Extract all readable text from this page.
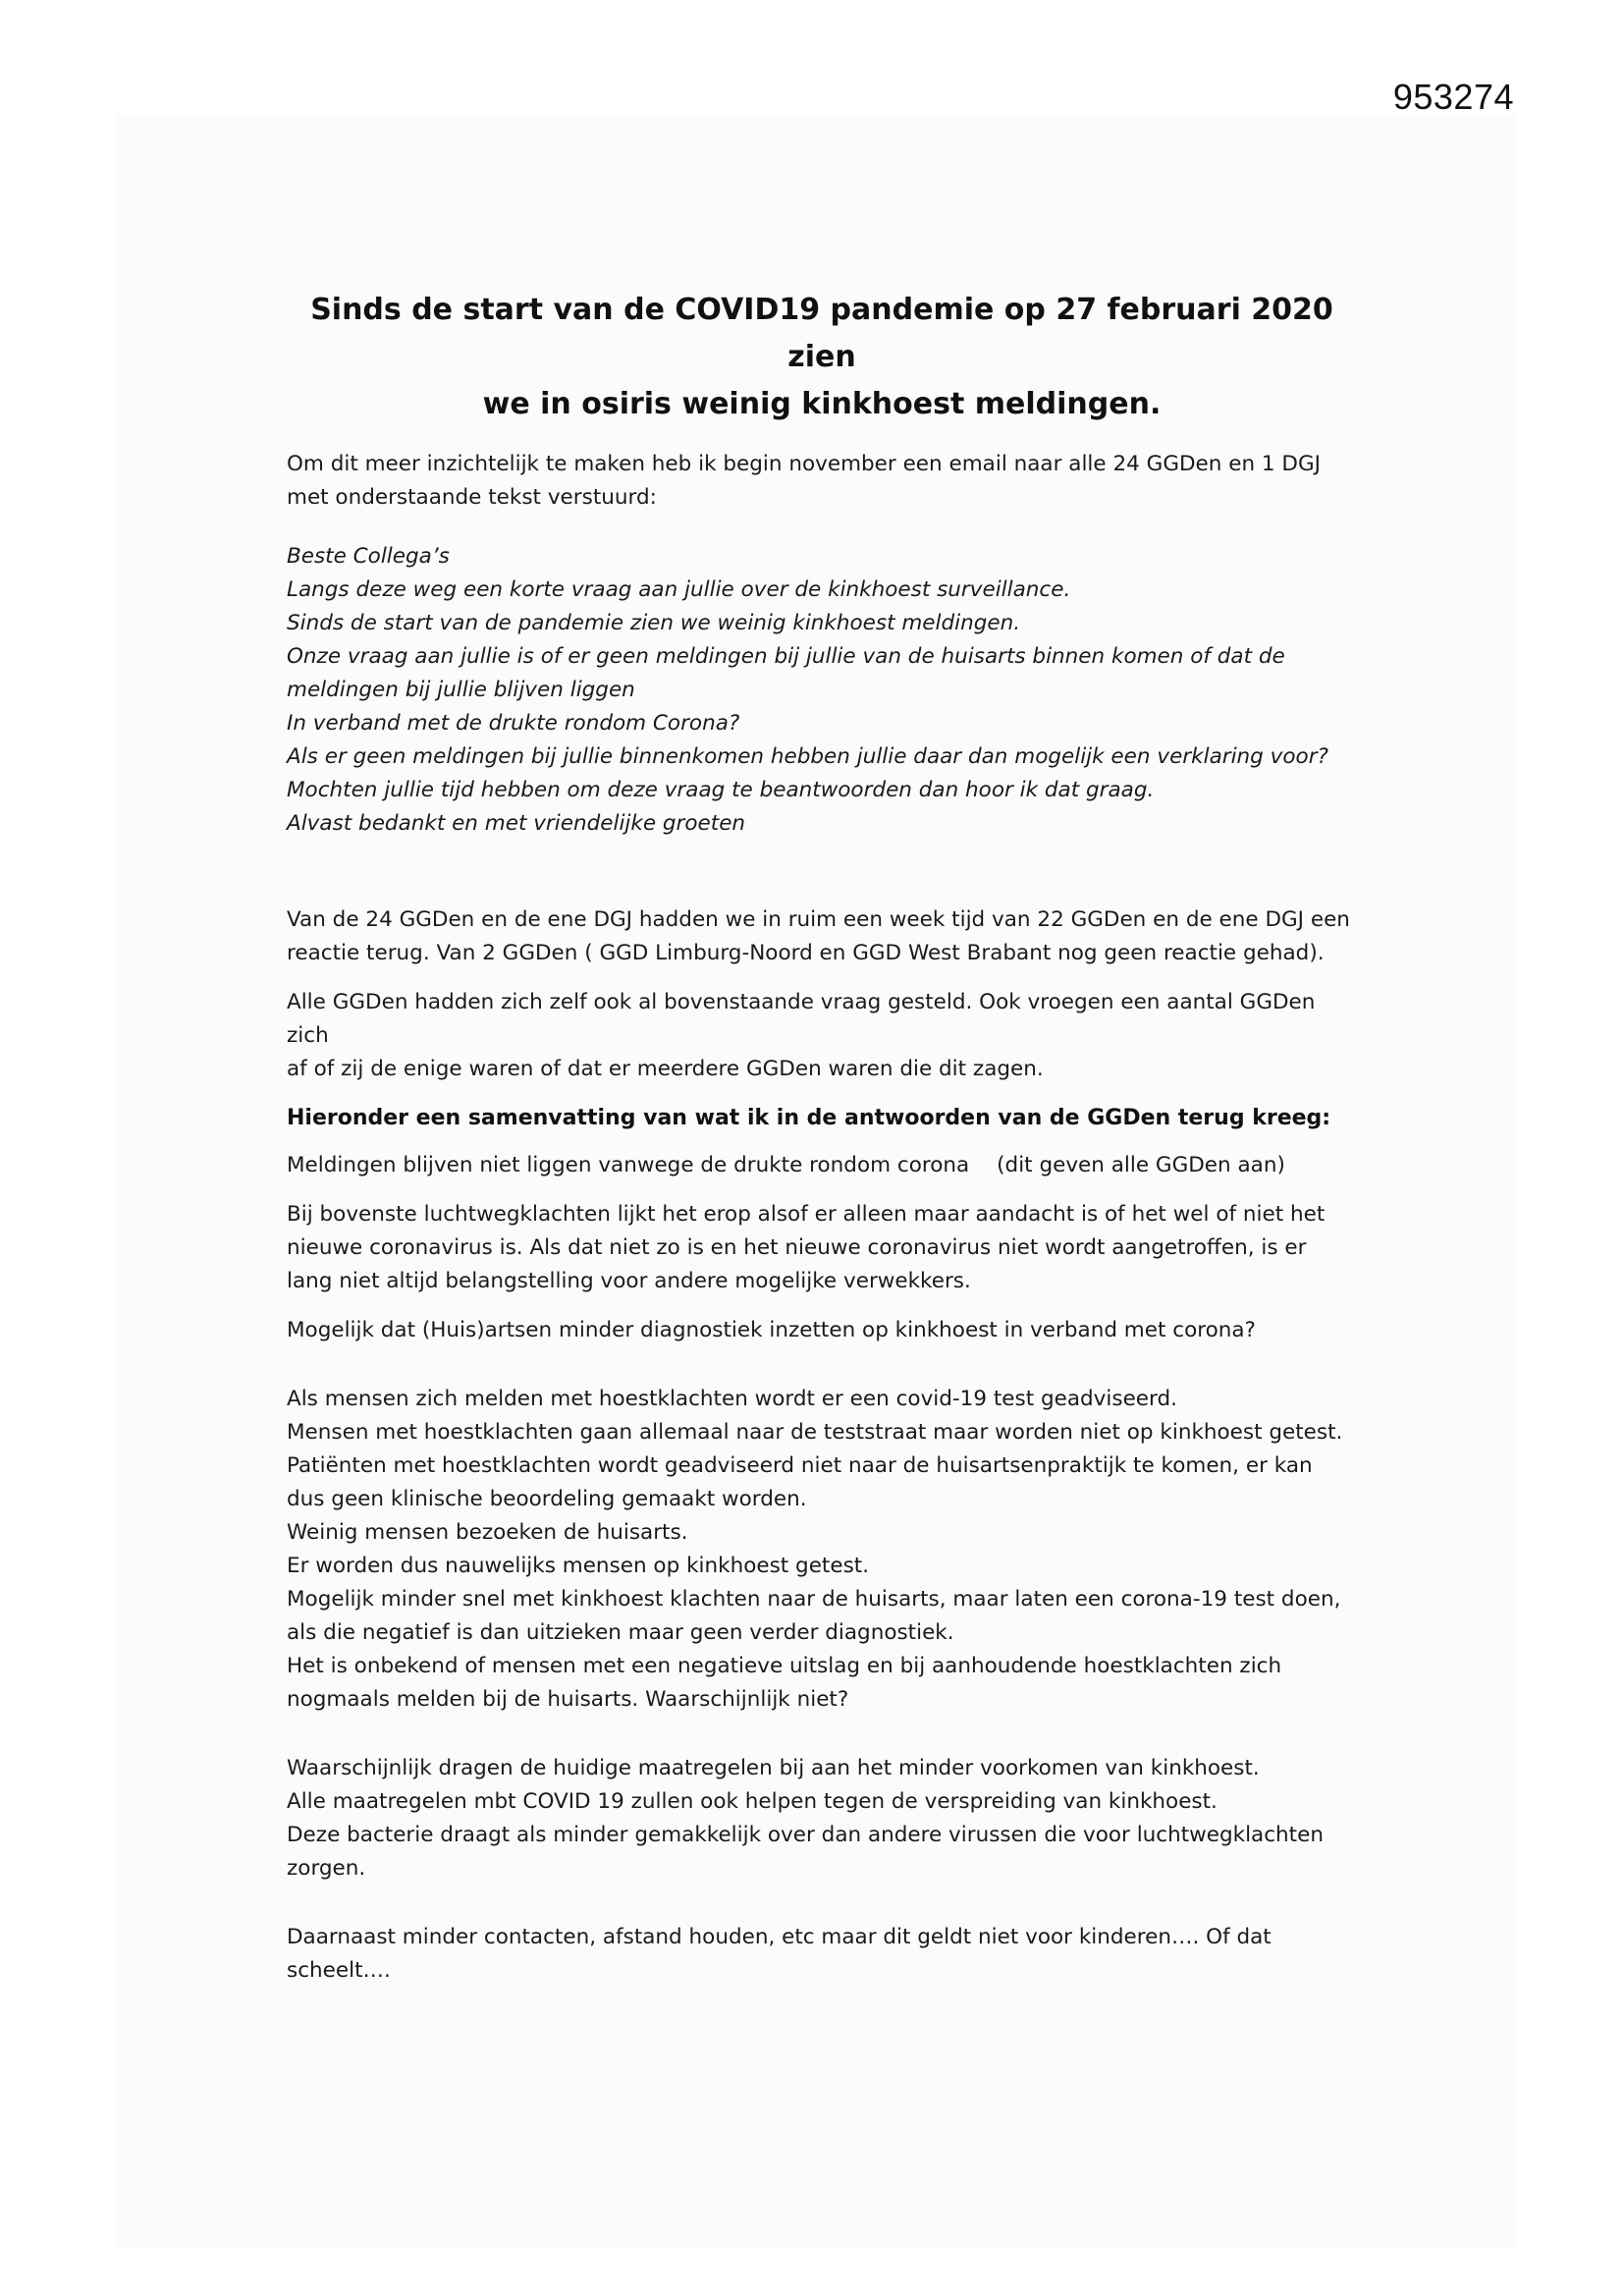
953274
Sinds de start van de COVID19 pandemie op 27 februari 2020 zien
we in osiris weinig kinkhoest meldingen.

Om dit meer inzichtelijk te maken heb ik begin november een email naar alle 24 GGDen en 1 DGJ
met onderstaande tekst verstuurd:

Beste Collega’s
Langs deze weg een korte vraag aan jullie over de kinkhoest surveillance.
Sinds de start van de pandemie zien we weinig kinkhoest meldingen.
Onze vraag aan jullie is of er geen meldingen bij jullie van de huisarts binnen komen of dat de
meldingen bij jullie blijven liggen
In verband met de drukte rondom Corona?
Als er geen meldingen bij jullie binnenkomen hebben jullie daar dan mogelijk een verklaring voor?
Mochten jullie tijd hebben om deze vraag te beantwoorden dan hoor ik dat graag.
Alvast bedankt en met vriendelijke groeten

Van de 24 GGDen en de ene DGJ hadden we in ruim een week tijd van 22 GGDen en de ene DGJ een
reactie terug. Van 2 GGDen ( GGD Limburg-Noord en GGD West Brabant nog geen reactie gehad).

Alle GGDen hadden zich zelf ook al bovenstaande vraag gesteld. Ook vroegen een aantal GGDen zich
af of zij de enige waren of dat er meerdere GGDen waren die dit zagen.

Hieronder een samenvatting van wat ik in de antwoorden van de GGDen terug kreeg:

Meldingen blijven niet liggen vanwege de drukte rondom corona (dit geven alle GGDen aan)

Bij bovenste luchtwegklachten lijkt het erop alsof er alleen maar aandacht is of het wel of niet het
nieuwe coronavirus is. Als dat niet zo is en het nieuwe coronavirus niet wordt aangetroffen, is er
lang niet altijd belangstelling voor andere mogelijke verwekkers.

Mogelijk dat (Huis)artsen minder diagnostiek inzetten op kinkhoest in verband met corona?

Als mensen zich melden met hoestklachten wordt er een covid-19 test geadviseerd.
Mensen met hoestklachten gaan allemaal naar de teststraat maar worden niet op kinkhoest getest.
Patiënten met hoestklachten wordt geadviseerd niet naar de huisartsenpraktijk te komen, er kan
dus geen klinische beoordeling gemaakt worden.
Weinig mensen bezoeken de huisarts.
Er worden dus nauwelijks mensen op kinkhoest getest.
Mogelijk minder snel met kinkhoest klachten naar de huisarts, maar laten een corona-19 test doen,
als die negatief is dan uitzieken maar geen verder diagnostiek.
Het is onbekend of mensen met een negatieve uitslag en bij aanhoudende hoestklachten zich
nogmaals melden bij de huisarts. Waarschijnlijk niet?

Waarschijnlijk dragen de huidige maatregelen bij aan het minder voorkomen van kinkhoest.
Alle maatregelen mbt COVID 19 zullen ook helpen tegen de verspreiding van kinkhoest.
Deze bacterie draagt als minder gemakkelijk over dan andere virussen die voor luchtwegklachten
zorgen.

Daarnaast minder contacten, afstand houden, etc maar dit geldt niet voor kinderen…. Of dat
scheelt….
